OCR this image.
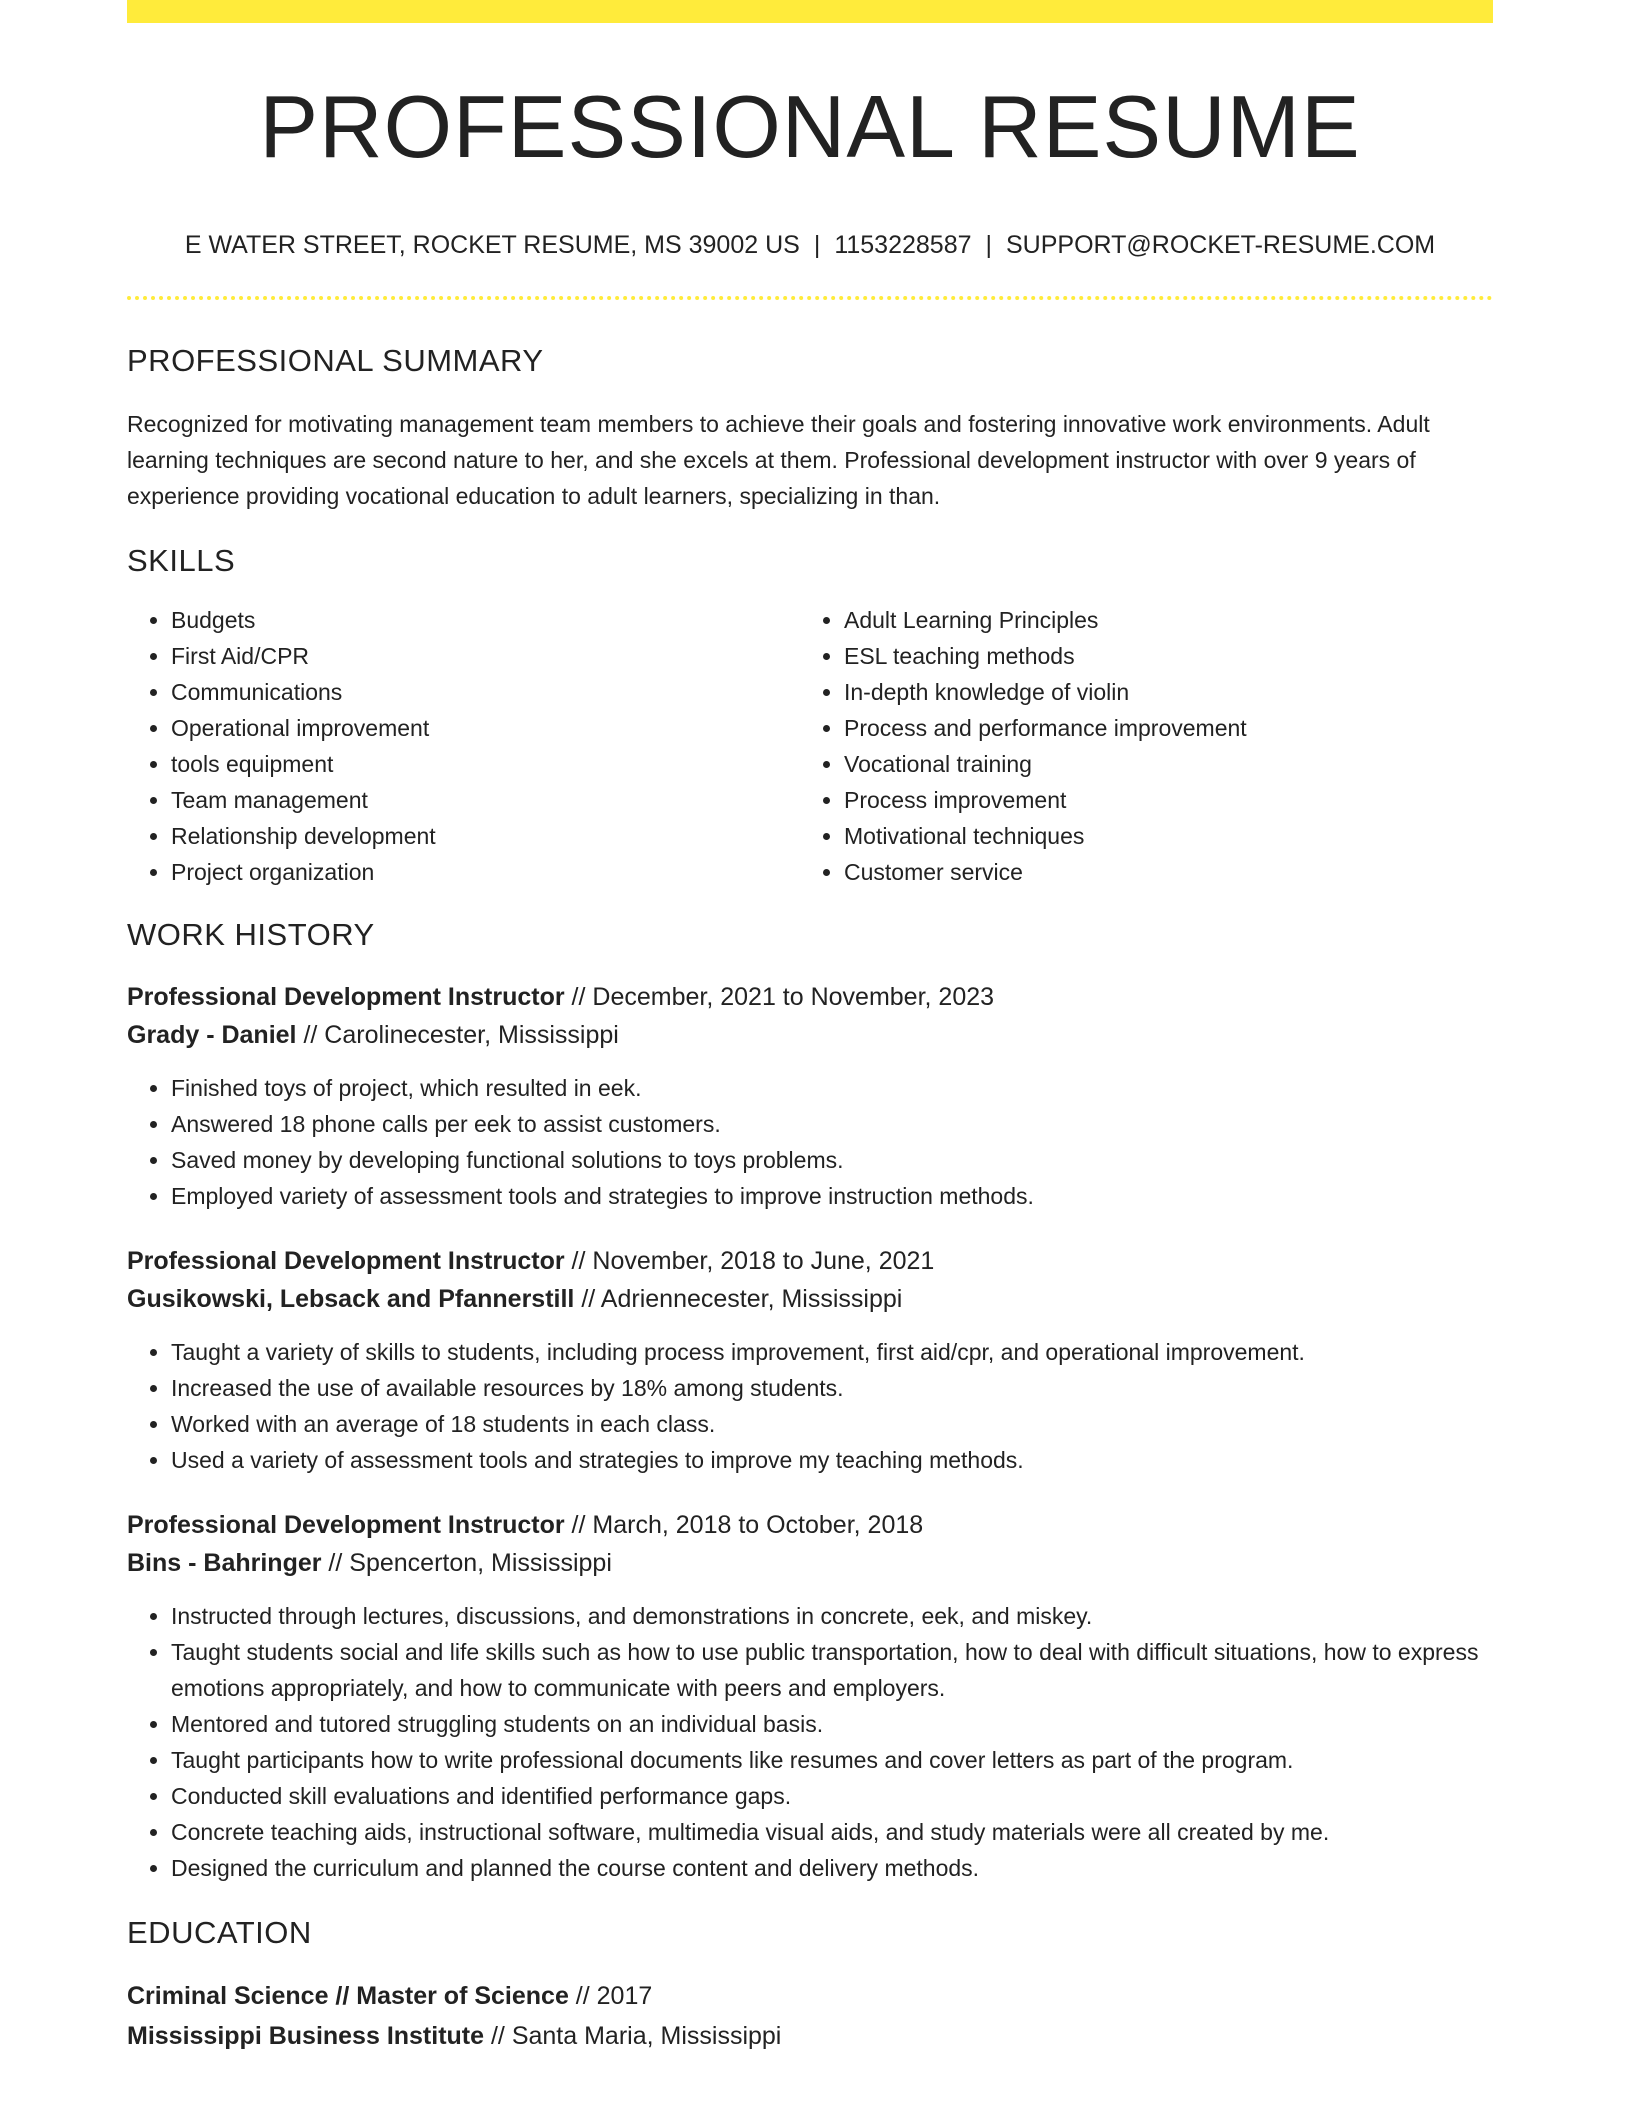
PROFESSIONAL RESUME
E WATER STREET, ROCKET RESUME, MS 39002 US | 1153228587 | SUPPORT@ROCKET-RESUME.COM
PROFESSIONAL SUMMARY

Recognized for motivating management team members to achieve their goals and fostering innovative work environments. Adult learning techniques are second nature to her, and she excels at them. Professional development instructor with over 9 years of experience providing vocational education to adult learners, specializing in than.

SKILLS
• Budgets
• First Aid/CPR
• Communications
• Operational improvement
• tools equipment
• Team management
• Relationship development
• Project organization
• Adult Learning Principles
• ESL teaching methods
• In-depth knowledge of violin
• Process and performance improvement
• Vocational training
• Process improvement
• Motivational techniques
• Customer service
WORK HISTORY
Professional Development Instructor // December, 2021 to November, 2023
Grady - Daniel // Carolinecester, Mississippi
• Finished toys of project, which resulted in eek.
• Answered 18 phone calls per eek to assist customers.
• Saved money by developing functional solutions to toys problems.
• Employed variety of assessment tools and strategies to improve instruction methods.
Professional Development Instructor // November, 2018 to June, 2021
Gusikowski, Lebsack and Pfannerstill // Adriennecester, Mississippi
• Taught a variety of skills to students, including process improvement, first aid/cpr, and operational improvement.
• Increased the use of available resources by 18% among students.
• Worked with an average of 18 students in each class.
• Used a variety of assessment tools and strategies to improve my teaching methods.
Professional Development Instructor // March, 2018 to October, 2018
Bins - Bahringer // Spencerton, Mississippi
• Instructed through lectures, discussions, and demonstrations in concrete, eek, and miskey.
• Taught students social and life skills such as how to use public transportation, how to deal with difficult situations, how to express emotions appropriately, and how to communicate with peers and employers.
• Mentored and tutored struggling students on an individual basis.
• Taught participants how to write professional documents like resumes and cover letters as part of the program.
• Conducted skill evaluations and identified performance gaps.
• Concrete teaching aids, instructional software, multimedia visual aids, and study materials were all created by me.
• Designed the curriculum and planned the course content and delivery methods.
EDUCATION
Criminal Science // Master of Science // 2017
Mississippi Business Institute // Santa Maria, Mississippi
